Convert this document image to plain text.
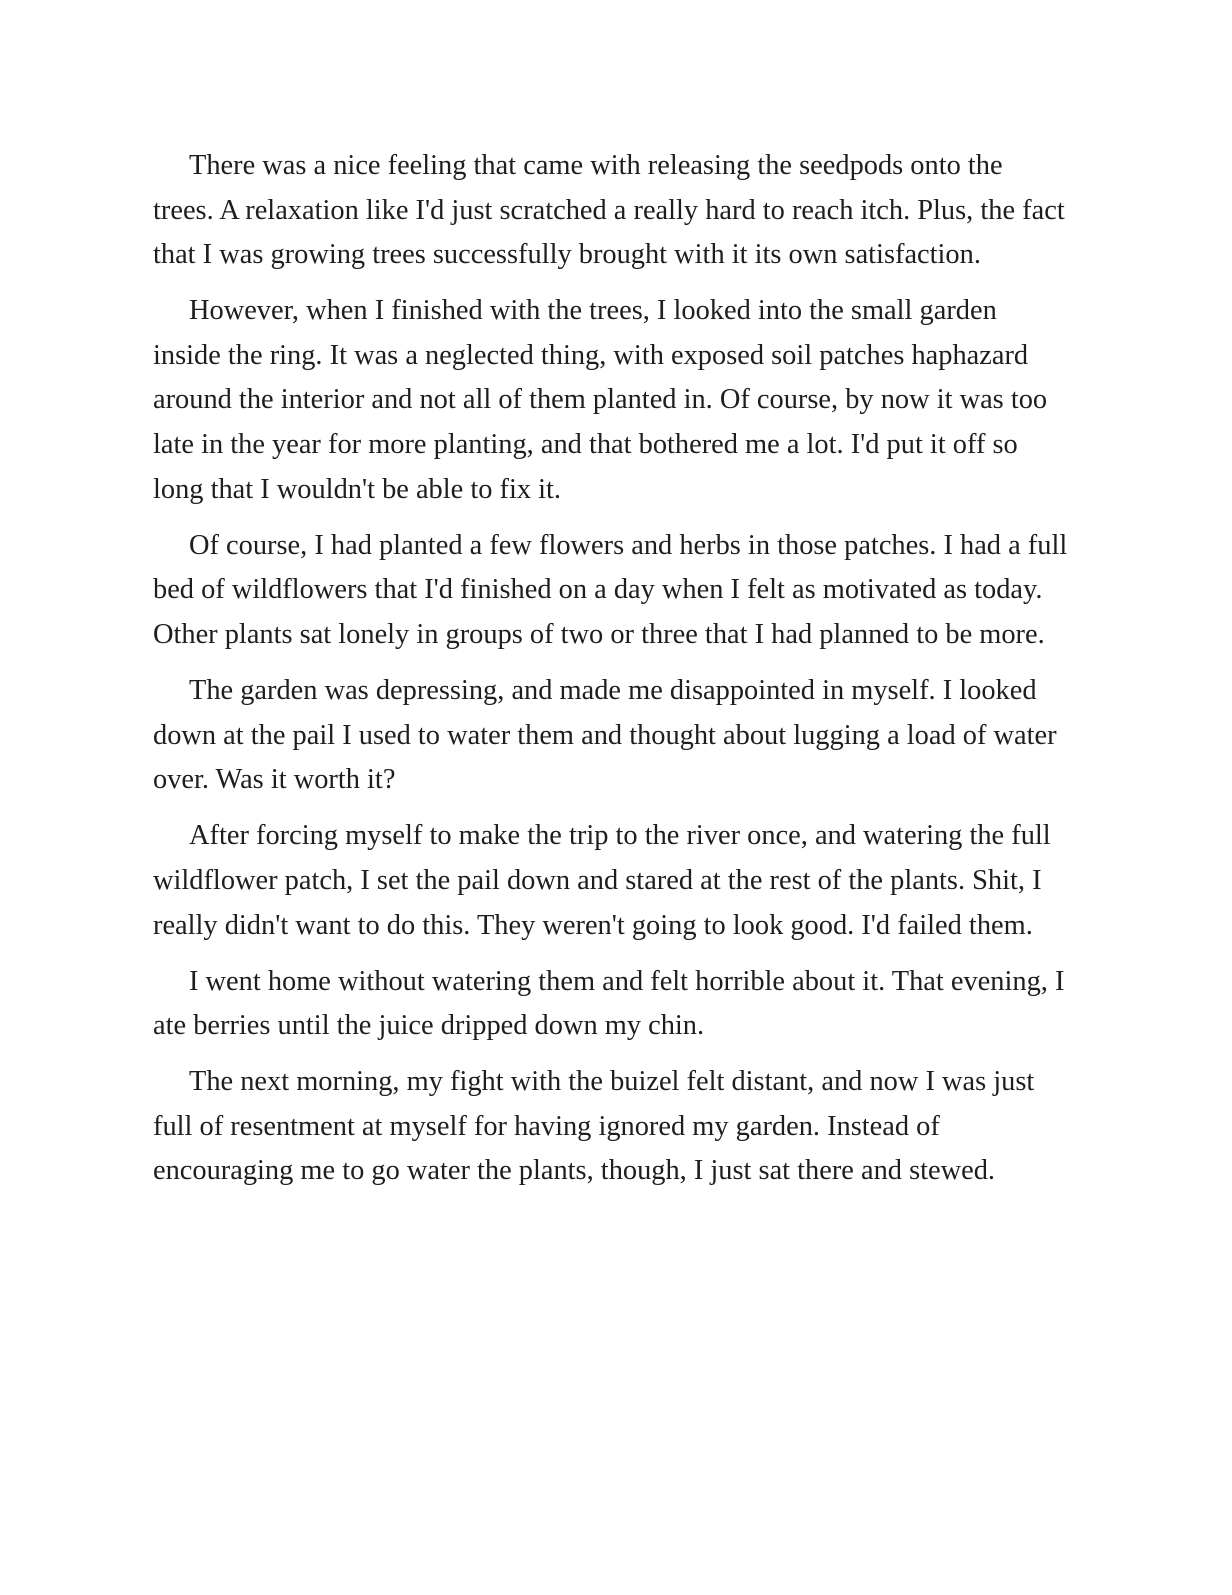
There was a nice feeling that came with releasing the seedpods onto the trees. A relaxation like I'd just scratched a really hard to reach itch. Plus, the fact that I was growing trees successfully brought with it its own satisfaction.

However, when I finished with the trees, I looked into the small garden inside the ring. It was a neglected thing, with exposed soil patches haphazard around the interior and not all of them planted in. Of course, by now it was too late in the year for more planting, and that bothered me a lot. I'd put it off so long that I wouldn't be able to fix it.

Of course, I had planted a few flowers and herbs in those patches. I had a full bed of wildflowers that I'd finished on a day when I felt as motivated as today. Other plants sat lonely in groups of two or three that I had planned to be more.

The garden was depressing, and made me disappointed in myself. I looked down at the pail I used to water them and thought about lugging a load of water over. Was it worth it?

After forcing myself to make the trip to the river once, and watering the full wildflower patch, I set the pail down and stared at the rest of the plants. Shit, I really didn't want to do this. They weren't going to look good. I'd failed them.

I went home without watering them and felt horrible about it. That evening, I ate berries until the juice dripped down my chin.

The next morning, my fight with the buizel felt distant, and now I was just full of resentment at myself for having ignored my garden. Instead of encouraging me to go water the plants, though, I just sat there and stewed.
